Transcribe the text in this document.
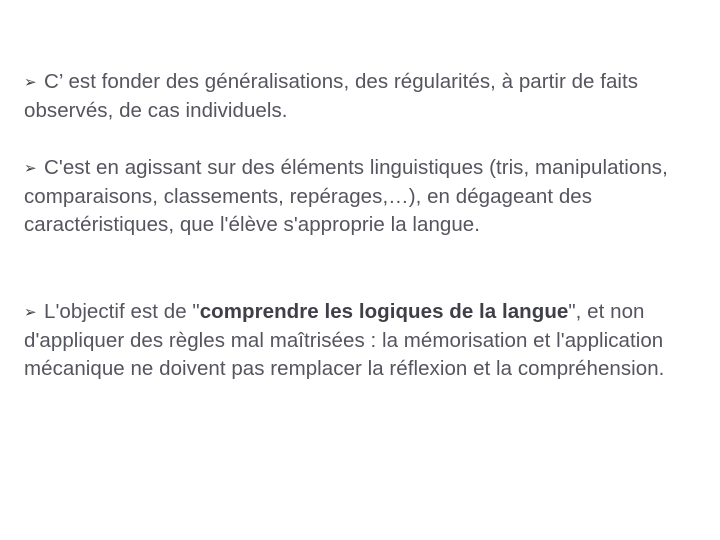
➢ C’ est fonder des généralisations, des régularités, à partir de faits observés, de cas individuels.

➢ C'est en agissant sur des éléments linguistiques (tris, manipulations, comparaisons, classements, repérages,…), en dégageant des caractéristiques, que l'élève s'approprie la langue.

➢ L'objectif est de "comprendre les logiques de la langue", et non d'appliquer des règles mal maîtrisées : la mémorisation et l'application mécanique ne doivent pas remplacer la réflexion et la compréhension.
